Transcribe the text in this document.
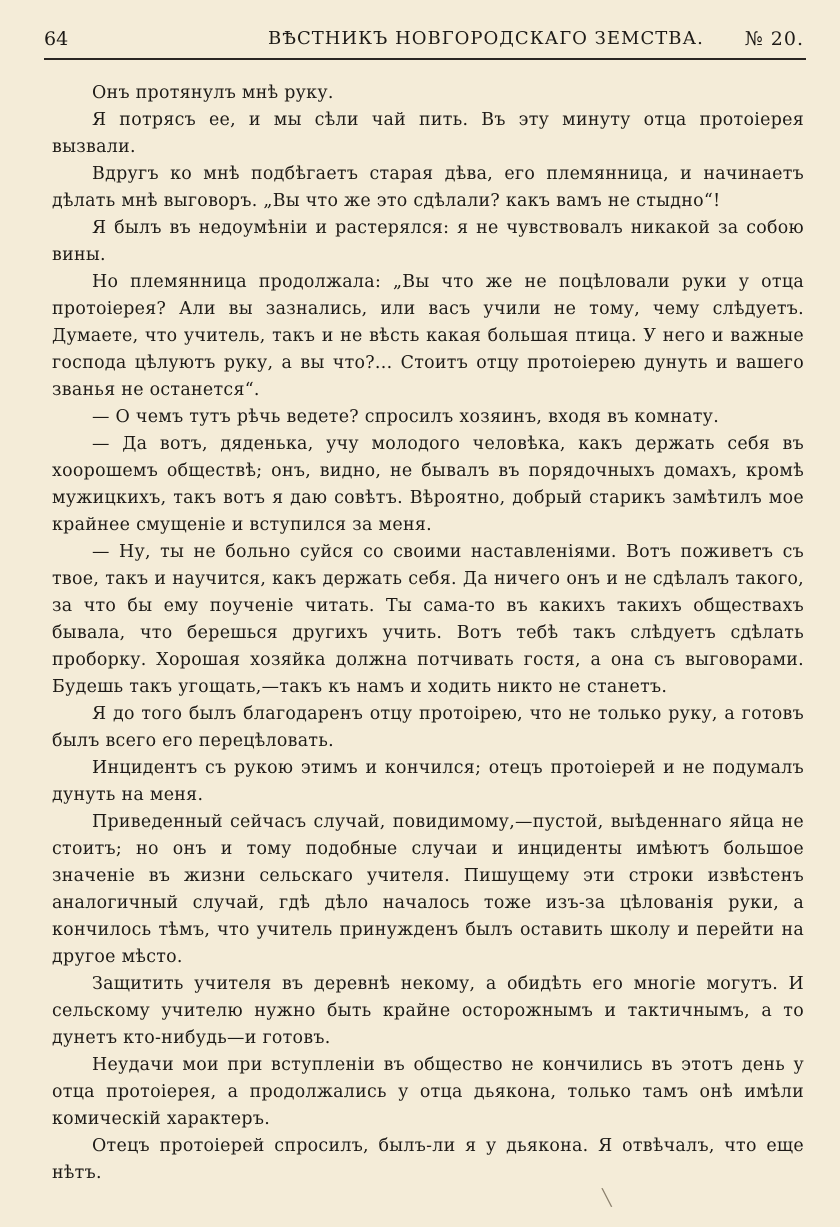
64	ВѢСТНИКЪ НОВГОРОДСКАГО ЗЕМСТВА. № 20.

Онъ протянулъ мнѣ руку.

Я потрясъ ее, и мы сѣли чай пить. Въ эту минуту отца протоіерея вызвали.

Вдругъ ко мнѣ подбѣгаетъ старая дѣва, его племянница, и начинаетъ дѣлать мнѣ выговоръ. „Вы что же это сдѣлали? какъ вамъ не стыдно“!

Я былъ въ недоумѣніи и растерялся: я не чувствовалъ никакой за собою вины.

Но племянница продолжала: „Вы что же не поцѣловали руки у отца протоіерея? Али вы зазнались, или васъ учили не тому, чему слѣдуетъ. Думаете, что учитель, такъ и не вѣсть какая большая птица. У него и важные господа цѣлуютъ руку, а вы что?... Стоитъ отцу протоіерею дунуть и вашего званья не останется“.

— О чемъ тутъ рѣчь ведете? спросилъ хозяинъ, входя въ комнату.

— Да вотъ, дяденька, учу молодого человѣка, какъ держать себя въ хоорошемъ обществѣ; онъ, видно, не бывалъ въ порядочныхъ домахъ, кромѣ мужицкихъ, такъ вотъ я даю совѣтъ. Вѣроятно, добрый старикъ замѣтилъ мое крайнее смущеніе и вступился за меня.

— Ну, ты не больно суйся со своими наставленіями. Вотъ поживетъ съ твое, такъ и научится, какъ держать себя. Да ничего онъ и не сдѣлалъ такого, за что бы ему поученіе читать. Ты сама-то въ какихъ такихъ обществахъ бывала, что берешься другихъ учить. Вотъ тебѣ такъ слѣдуетъ сдѣлать проборку. Хорошая хозяйка должна потчивать гостя, а она съ выговорами. Будешь такъ угощать,—такъ къ намъ и ходить никто не станетъ.

Я до того былъ благодаренъ отцу протоірею, что не только руку, а готовъ былъ всего его перецѣловать.

Инцидентъ съ рукою этимъ и кончился; отецъ протоіерей и не подумалъ дунуть на меня.

Приведенный сейчасъ случай, повидимому,—пустой, выѣденнаго яйца не стоитъ; но онъ и тому подобные случаи и инциденты имѣютъ большое значеніе въ жизни сельскаго учителя. Пишущему эти строки извѣстенъ аналогичный случай, гдѣ дѣло началось тоже изъ-за цѣлованія руки, а кончилось тѣмъ, что учитель принужденъ былъ оставить школу и перейти на другое мѣсто.

Защитить учителя въ деревнѣ некому, а обидѣть его многіе могутъ. И сельскому учителю нужно быть крайне осторожнымъ и тактичнымъ, а то дунетъ кто-нибудь—и готовъ.

Неудачи мои при вступленіи въ общество не кончились въ этотъ день у отца протоіерея, а продолжались у отца дьякона, только тамъ онѣ имѣли комическій характеръ.

Отецъ протоіерей спросилъ, былъ-ли я у дьякона. Я отвѣчалъ, что еще нѣтъ.

╲
